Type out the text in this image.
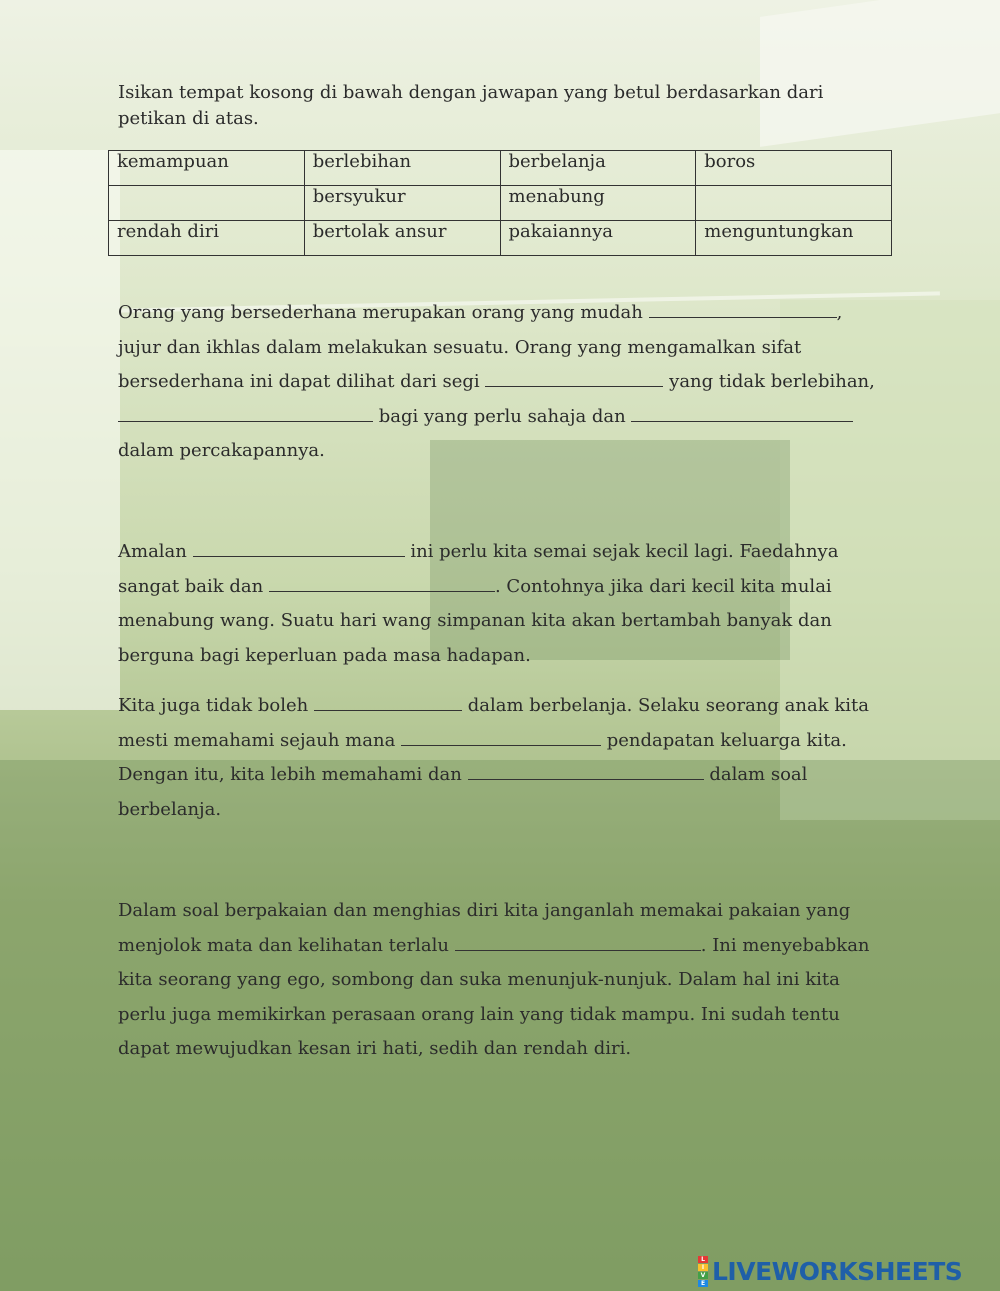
Isikan tempat kosong di bawah dengan jawapan yang betul berdasarkan dari petikan di atas.
kemampuan	berlebihan	berbelanja	boros
	bersyukur	menabung	
rendah diri	bertolak ansur	pakaiannya	menguntungkan
Orang yang bersederhana merupakan orang yang mudah	, jujur dan ikhlas dalam melakukan sesuatu. Orang yang mengamalkan sifat bersederhana ini dapat dilihat dari segi	yang tidak berlebihan,  bagi yang perlu sahaja dan  dalam percakapannya.
Amalan	ini perlu kita semai sejak kecil lagi. Faedahnya sangat baik dan	. Contohnya jika dari kecil kita mulai menabung wang. Suatu hari wang simpanan kita akan bertambah banyak dan berguna bagi keperluan pada masa hadapan.
Kita juga tidak boleh	dalam berbelanja. Selaku seorang anak kita mesti memahami sejauh mana	pendapatan keluarga kita. Dengan itu, kita lebih memahami dan	dalam soal berbelanja.
Dalam soal berpakaian dan menghias diri kita janganlah memakai pakaian yang menjolok mata dan kelihatan terlalu	. Ini menyebabkan kita seorang yang ego, sombong dan suka menunjuk-nunjuk. Dalam hal ini kita perlu juga memikirkan perasaan orang lain yang tidak mampu. Ini sudah tentu dapat mewujudkan kesan iri hati, sedih dan rendah diri.
L
I
V
E LIVEWORKSHEETS
